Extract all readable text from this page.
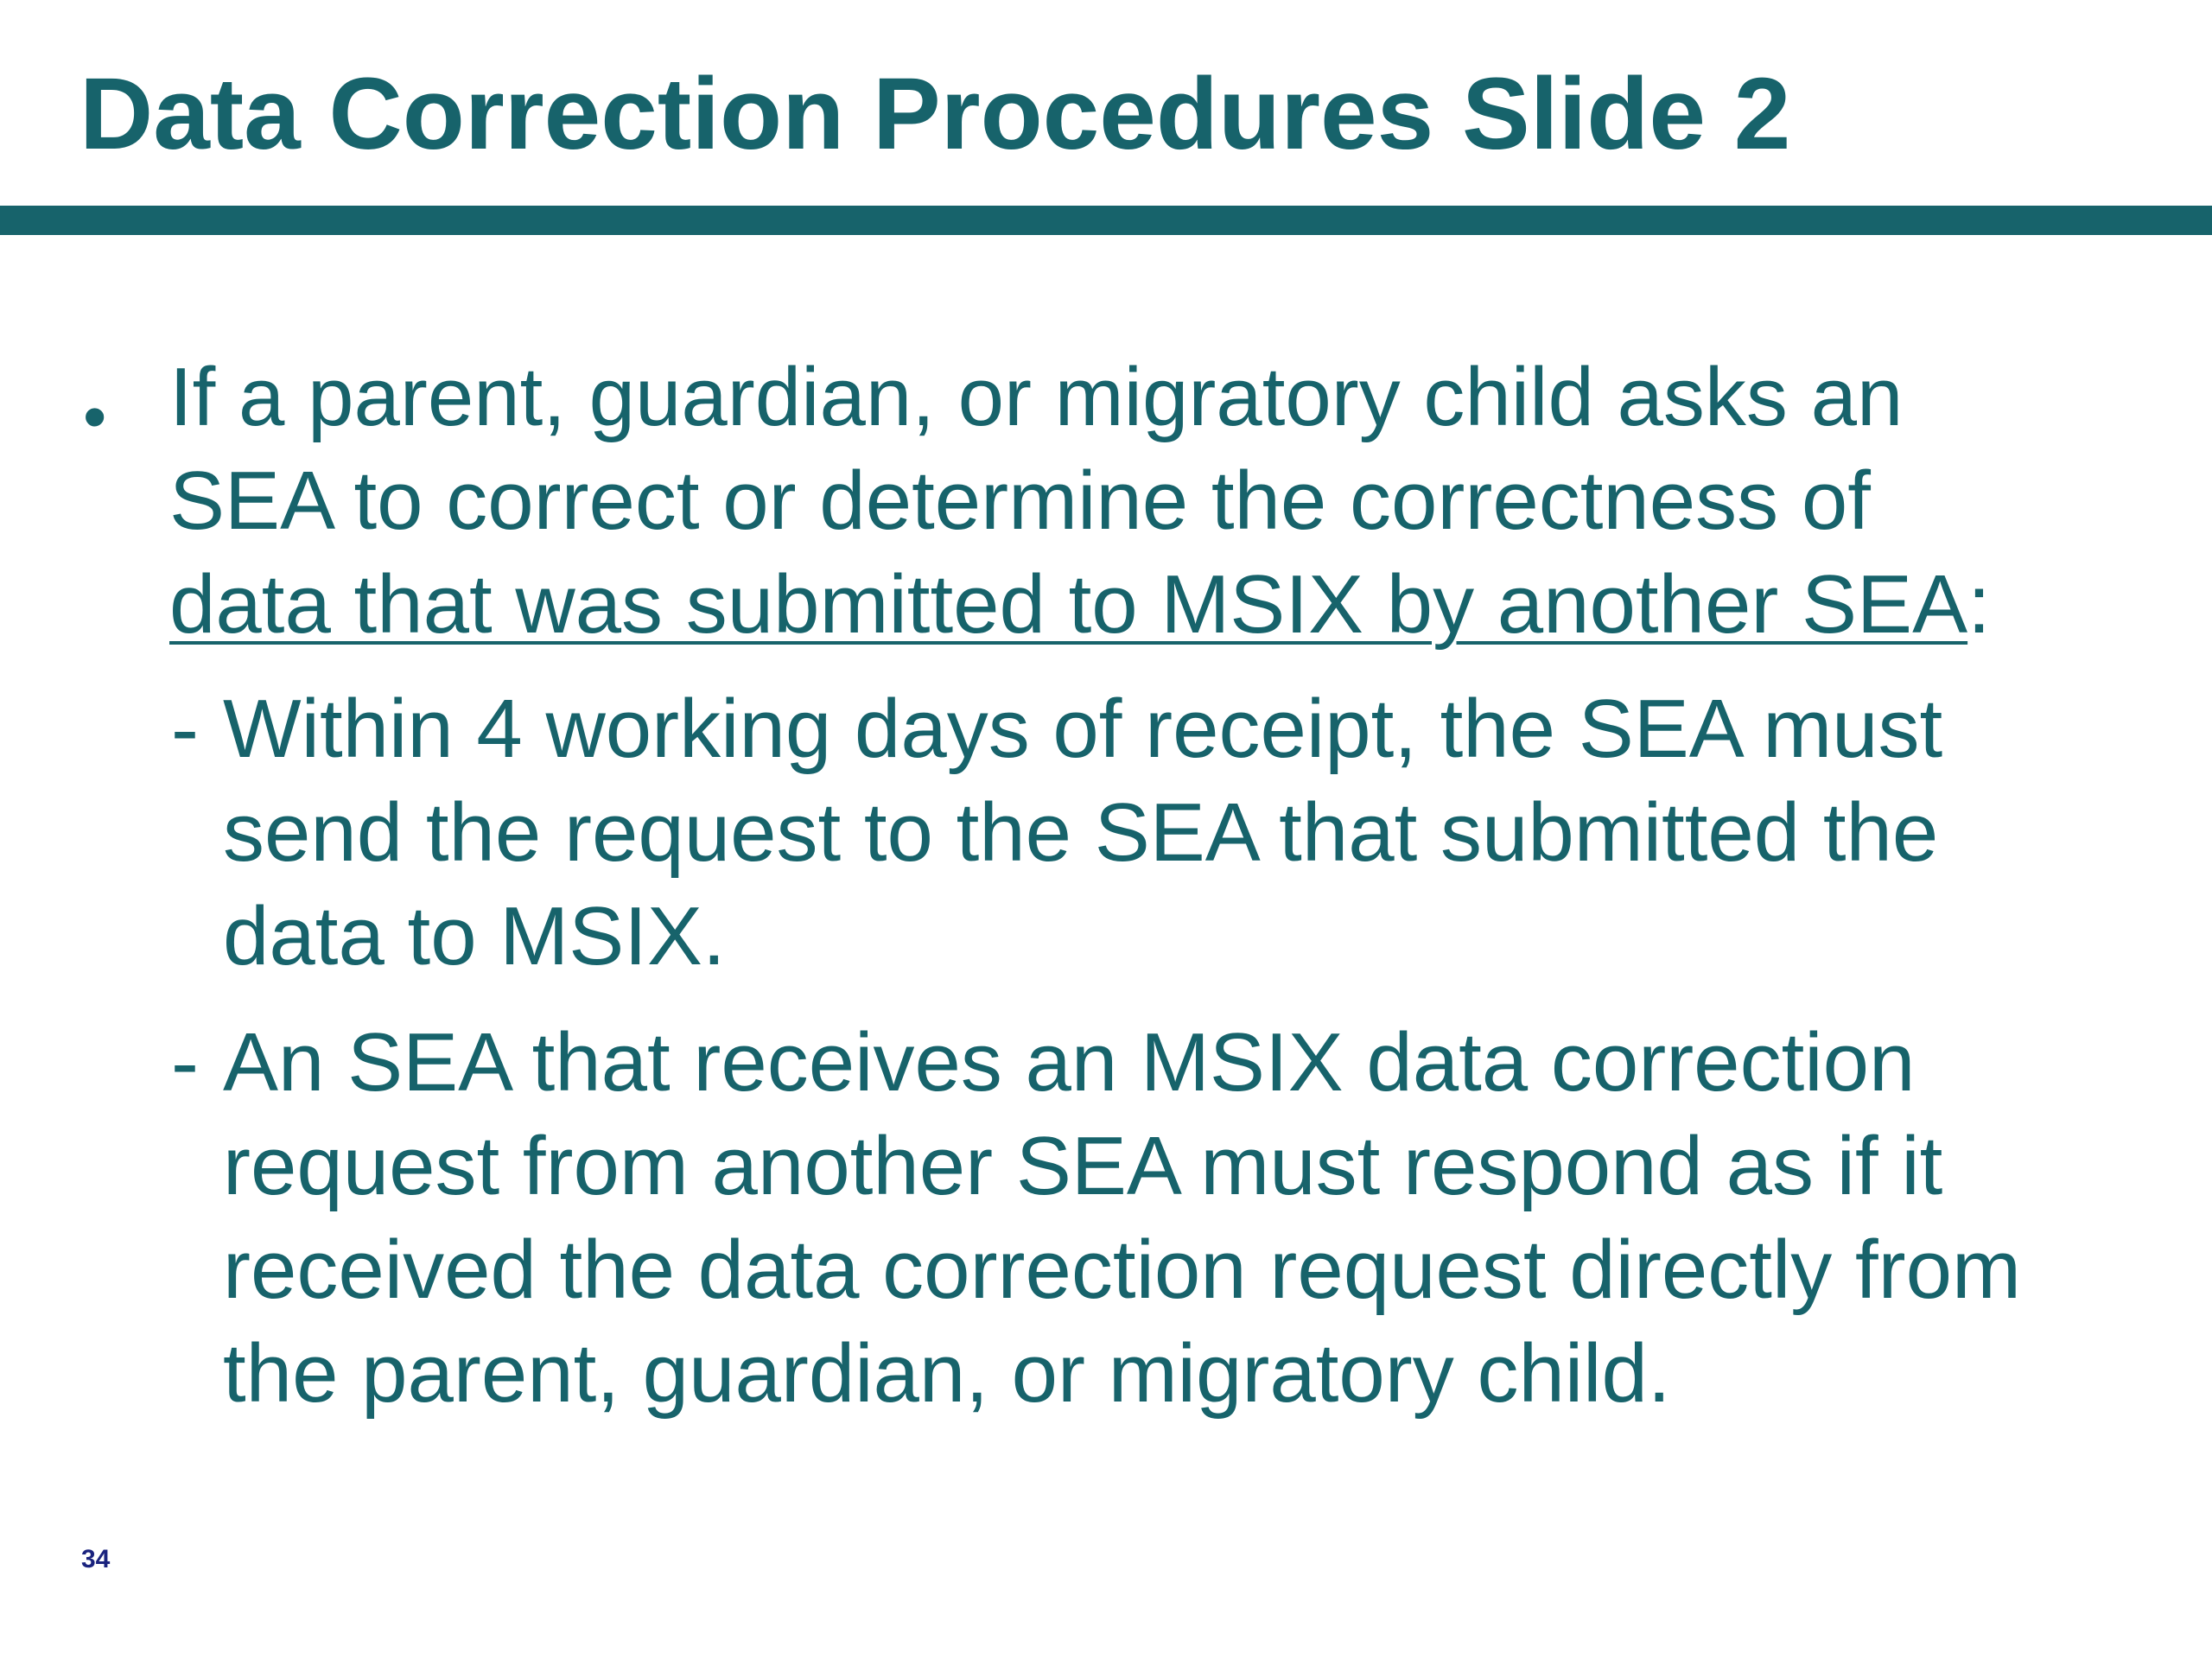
Data Correction Procedures Slide 2
• If a parent, guardian, or migratory child asks an
SEA to correct or determine the correctness of
data that was submitted to MSIX by another SEA:
- Within 4 working days of receipt, the SEA must
send the request to the SEA that submitted the
data to MSIX.
- An SEA that receives an MSIX data correction
request from another SEA must respond as if it
received the data correction request directly from
the parent, guardian, or migratory child.
34
